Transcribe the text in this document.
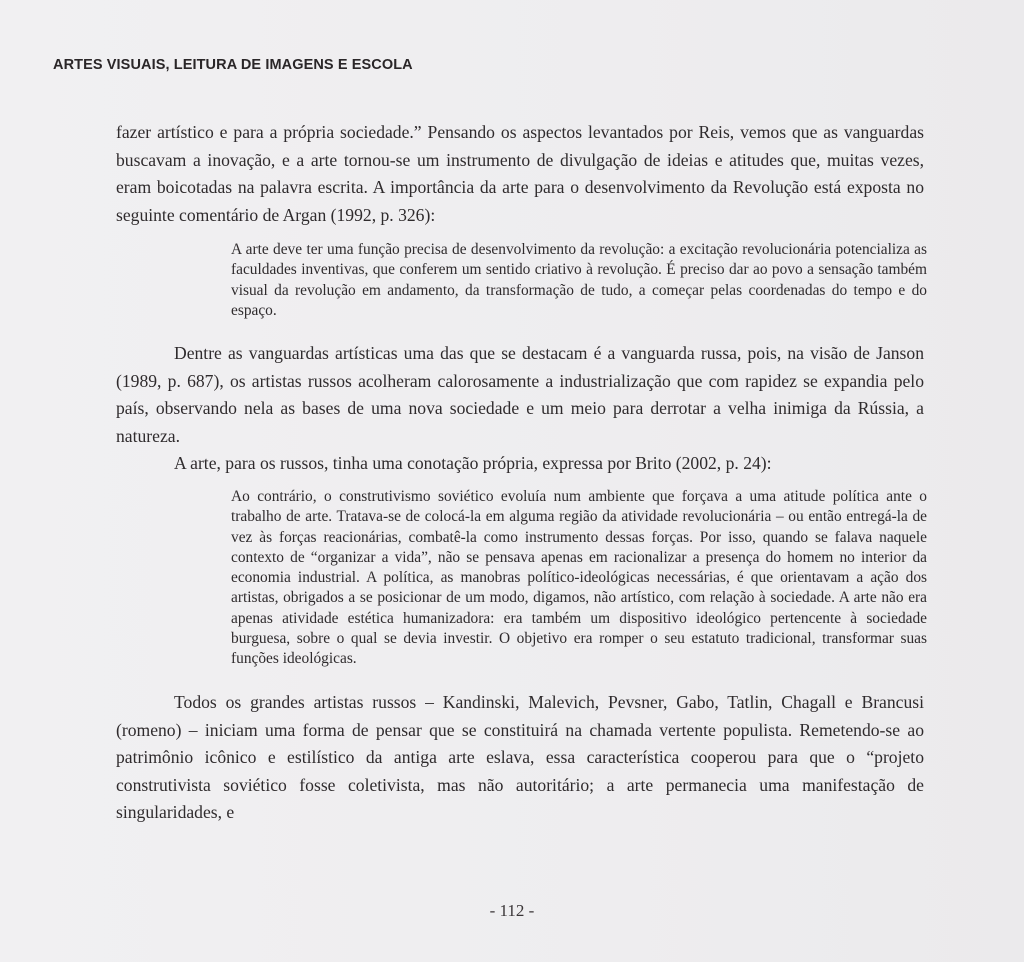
ARTES VISUAIS, LEITURA DE IMAGENS E ESCOLA

fazer artístico e para a própria sociedade.” Pensando os aspectos levantados por Reis, vemos que as vanguardas buscavam a inovação, e a arte tornou-se um instrumento de divulgação de ideias e atitudes que, muitas vezes, eram boicotadas na palavra escrita. A importância da arte para o desenvolvimento da Revolução está exposta no seguinte comentário de Argan (1992, p. 326):

A arte deve ter uma função precisa de desenvolvimento da revolução: a excitação revolucionária potencializa as faculdades inventivas, que conferem um sentido criativo à revolução. É preciso dar ao povo a sensação também visual da revolução em andamento, da transformação de tudo, a começar pelas coordenadas do tempo e do espaço.

Dentre as vanguardas artísticas uma das que se destacam é a vanguarda russa, pois, na visão de Janson (1989, p. 687), os artistas russos acolheram calorosamente a industrialização que com rapidez se expandia pelo país, observando nela as bases de uma nova sociedade e um meio para derrotar a velha inimiga da Rússia, a natureza.

A arte, para os russos, tinha uma conotação própria, expressa por Brito (2002, p. 24):

Ao contrário, o construtivismo soviético evoluía num ambiente que forçava a uma atitude política ante o trabalho de arte. Tratava-se de colocá-la em alguma região da atividade revolucionária – ou então entregá-la de vez às forças reacionárias, combatê-la como instrumento dessas forças. Por isso, quando se falava naquele contexto de “organizar a vida”, não se pensava apenas em racionalizar a presença do homem no interior da economia industrial. A política, as manobras político-ideológicas necessárias, é que orientavam a ação dos artistas, obrigados a se posicionar de um modo, digamos, não artístico, com relação à sociedade. A arte não era apenas atividade estética humanizadora: era também um dispositivo ideológico pertencente à sociedade burguesa, sobre o qual se devia investir. O objetivo era romper o seu estatuto tradicional, transformar suas funções ideológicas.

Todos os grandes artistas russos – Kandinski, Malevich, Pevsner, Gabo, Tatlin, Chagall e Brancusi (romeno) – iniciam uma forma de pensar que se constituirá na chamada vertente populista. Remetendo-se ao patrimônio icônico e estilístico da antiga arte eslava, essa característica cooperou para que o “projeto construtivista soviético fosse coletivista, mas não autoritário; a arte permanecia uma manifestação de singularidades, e

- 112 -
